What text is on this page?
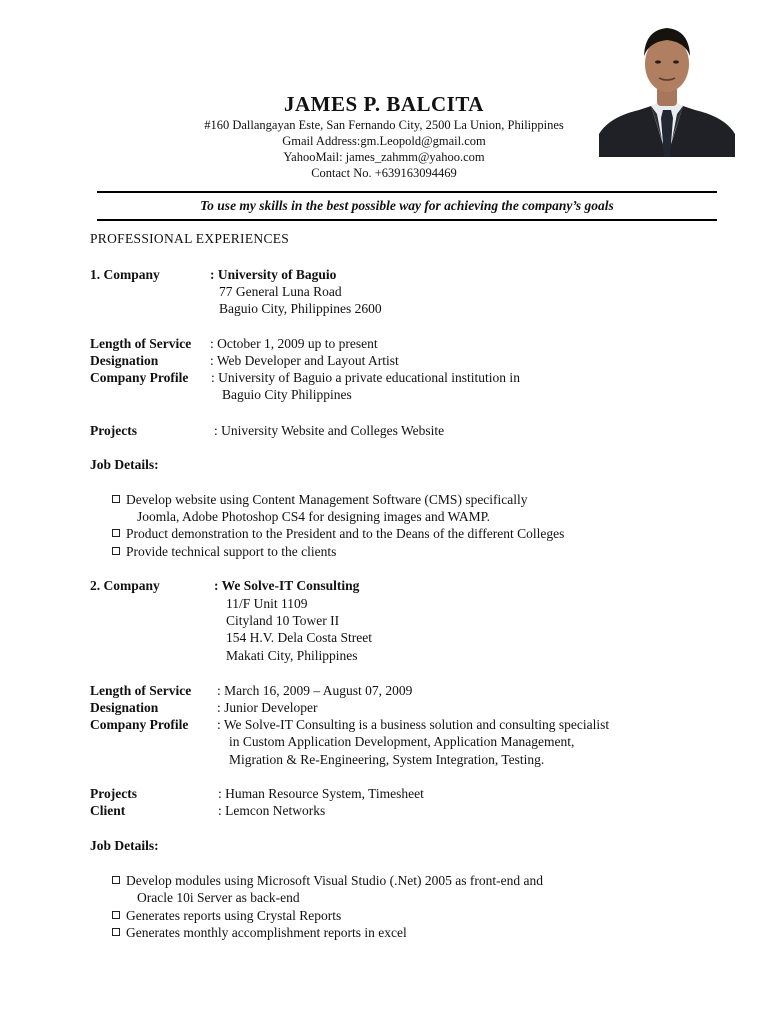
JAMES P. BALCITA
#160 Dallangayan Este, San Fernando City, 2500 La Union, Philippines
Gmail Address:gm.Leopold@gmail.com
YahooMail: james_zahmm@yahoo.com
Contact No. +639163094469
To use my skills in the best possible way for achieving the company’s goals
PROFESSIONAL EXPERIENCES
1. Company	: University of Baguio
77 General Luna Road
Baguio City, Philippines 2600
Length of Service : October 1, 2009 up to present
Designation	: Web Developer and Layout Artist
Company Profile : University of Baguio a private educational institution in
Baguio City Philippines
Projects	: University Website and Colleges Website
Job Details:
Develop website using Content Management Software (CMS) specifically
Joomla, Adobe Photoshop CS4 for designing images and WAMP.
Product demonstration to the President and to the Deans of the different Colleges
Provide technical support to the clients
2. Company	: We Solve-IT Consulting
11/F Unit 1109
Cityland 10 Tower II
154 H.V. Dela Costa Street
Makati City, Philippines
Length of Service : March 16, 2009 – August 07, 2009
Designation	: Junior Developer
Company Profile : We Solve-IT Consulting is a business solution and consulting specialist
in Custom Application Development, Application Management,
Migration & Re-Engineering, System Integration, Testing.
Projects	: Human Resource System, Timesheet
Client	: Lemcon Networks
Job Details:
Develop modules using Microsoft Visual Studio (.Net) 2005 as front-end and
Oracle 10i Server as back-end
Generates reports using Crystal Reports
Generates monthly accomplishment reports in excel
